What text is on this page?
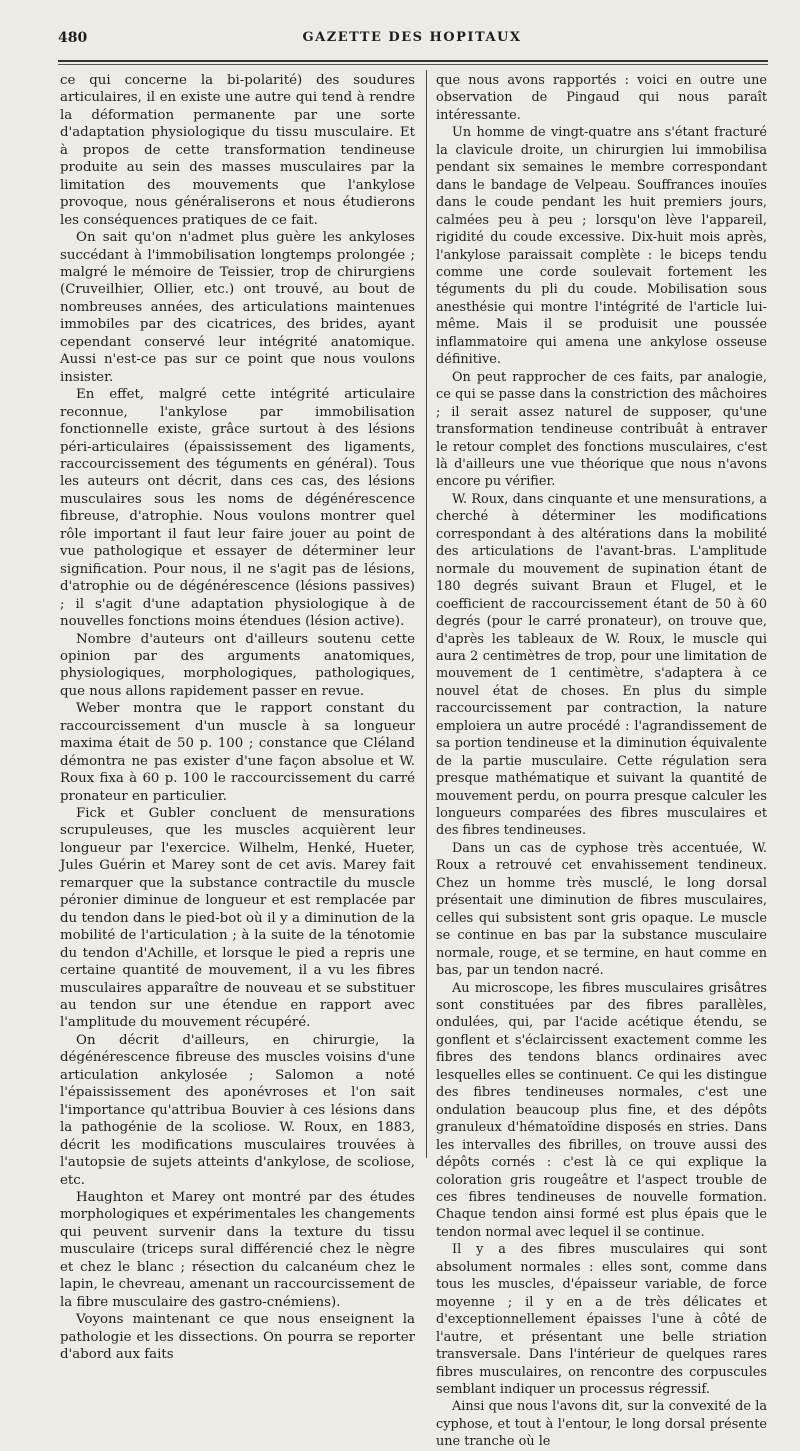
480	GAZETTE DES HOPITAUX

ce qui concerne la bi-polarité) des soudures articulaires, il en existe une autre qui tend à rendre la déformation permanente par une sorte d'adaptation physiologique du tissu musculaire. Et à propos de cette transformation tendineuse produite au sein des masses musculaires par la limitation des mouvements que l'ankylose provoque, nous généraliserons et nous étudierons les conséquences pratiques de ce fait.

On sait qu'on n'admet plus guère les ankyloses succédant à l'immobilisation longtemps prolongée ; malgré le mémoire de Teissier, trop de chirurgiens (Cruveilhier, Ollier, etc.) ont trouvé, au bout de nombreuses années, des articulations maintenues immobiles par des cicatrices, des brides, ayant cependant conservé leur intégrité anatomique. Aussi n'est-ce pas sur ce point que nous voulons insister.

En effet, malgré cette intégrité articulaire reconnue, l'ankylose par immobilisation fonctionnelle existe, grâce surtout à des lésions péri-articulaires (épaississement des ligaments, raccourcissement des téguments en général). Tous les auteurs ont décrit, dans ces cas, des lésions musculaires sous les noms de dégénérescence fibreuse, d'atrophie. Nous voulons montrer quel rôle important il faut leur faire jouer au point de vue pathologique et essayer de déterminer leur signification. Pour nous, il ne s'agit pas de lésions, d'atrophie ou de dégénérescence (lésions passives) ; il s'agit d'une adaptation physiologique à de nouvelles fonctions moins étendues (lésion active).

Nombre d'auteurs ont d'ailleurs soutenu cette opinion par des arguments anatomiques, physiologiques, morphologiques, pathologiques, que nous allons rapidement passer en revue.

Weber montra que le rapport constant du raccourcissement d'un muscle à sa longueur maxima était de 50 p. 100 ; constance que Cléland démontra ne pas exister d'une façon absolue et W. Roux fixa à 60 p. 100 le raccourcissement du carré pronateur en particulier.

Fick et Gubler concluent de mensurations scrupuleuses, que les muscles acquièrent leur longueur par l'exercice. Wilhelm, Henké, Hueter, Jules Guérin et Marey sont de cet avis. Marey fait remarquer que la substance contractile du muscle péronier diminue de longueur et est remplacée par du tendon dans le pied-bot où il y a diminution de la mobilité de l'articulation ; à la suite de la ténotomie du tendon d'Achille, et lorsque le pied a repris une certaine quantité de mouvement, il a vu les fibres musculaires apparaître de nouveau et se substituer au tendon sur une étendue en rapport avec l'amplitude du mouvement récupéré.

On décrit d'ailleurs, en chirurgie, la dégénérescence fibreuse des muscles voisins d'une articulation ankylosée ; Salomon a noté l'épaississement des aponévroses et l'on sait l'importance qu'attribua Bouvier à ces lésions dans la pathogénie de la scoliose. W. Roux, en 1883, décrit les modifications musculaires trouvées à l'autopsie de sujets atteints d'ankylose, de scoliose, etc.

Haughton et Marey ont montré par des études morphologiques et expérimentales les changements qui peuvent survenir dans la texture du tissu musculaire (triceps sural différencié chez le nègre et chez le blanc ; résection du calcanéum chez le lapin, le chevreau, amenant un raccourcissement de la fibre musculaire des gastro-cnémiens).

Voyons maintenant ce que nous enseignent la pathologie et les dissections. On pourra se reporter d'abord aux faits

que nous avons rapportés : voici en outre une observation de Pingaud qui nous paraît intéressante.

Un homme de vingt-quatre ans s'étant fracturé la clavicule droite, un chirurgien lui immobilisa pendant six semaines le membre correspondant dans le bandage de Velpeau. Souffrances inouïes dans le coude pendant les huit premiers jours, calmées peu à peu ; lorsqu'on lève l'appareil, rigidité du coude excessive. Dix-huit mois après, l'ankylose paraissait complète : le biceps tendu comme une corde soulevait fortement les téguments du pli du coude. Mobilisation sous anesthésie qui montre l'intégrité de l'article lui-même. Mais il se produisit une poussée inflammatoire qui amena une ankylose osseuse définitive.

On peut rapprocher de ces faits, par analogie, ce qui se passe dans la constriction des mâchoires ; il serait assez naturel de supposer, qu'une transformation tendineuse contribuât à entraver le retour complet des fonctions musculaires, c'est là d'ailleurs une vue théorique que nous n'avons encore pu vérifier.

W. Roux, dans cinquante et une mensurations, a cherché à déterminer les modifications correspondant à des altérations dans la mobilité des articulations de l'avant-bras. L'amplitude normale du mouvement de supination étant de 180 degrés suivant Braun et Flugel, et le coefficient de raccourcissement étant de 50 à 60 degrés (pour le carré pronateur), on trouve que, d'après les tableaux de W. Roux, le muscle qui aura 2 centimètres de trop, pour une limitation de mouvement de 1 centimètre, s'adaptera à ce nouvel état de choses. En plus du simple raccourcissement par contraction, la nature emploiera un autre procédé : l'agrandissement de sa portion tendineuse et la diminution équivalente de la partie musculaire. Cette régulation sera presque mathématique et suivant la quantité de mouvement perdu, on pourra presque calculer les longueurs comparées des fibres musculaires et des fibres tendineuses.

Dans un cas de cyphose très accentuée, W. Roux a retrouvé cet envahissement tendineux. Chez un homme très musclé, le long dorsal présentait une diminution de fibres musculaires, celles qui subsistent sont gris opaque. Le muscle se continue en bas par la substance musculaire normale, rouge, et se termine, en haut comme en bas, par un tendon nacré.

Au microscope, les fibres musculaires grisâtres sont constituées par des fibres parallèles, ondulées, qui, par l'acide acétique étendu, se gonflent et s'éclaircissent exactement comme les fibres des tendons blancs ordinaires avec lesquelles elles se continuent. Ce qui les distingue des fibres tendineuses normales, c'est une ondulation beaucoup plus fine, et des dépôts granuleux d'hématoïdine disposés en stries. Dans les intervalles des fibrilles, on trouve aussi des dépôts cornés : c'est là ce qui explique la coloration gris rougeâtre et l'aspect trouble de ces fibres tendineuses de nouvelle formation. Chaque tendon ainsi formé est plus épais que le tendon normal avec lequel il se continue.

Il y a des fibres musculaires qui sont absolument normales : elles sont, comme dans tous les muscles, d'épaisseur variable, de force moyenne ; il y en a de très délicates et d'exceptionnellement épaisses l'une à côté de l'autre, et présentant une belle striation transversale. Dans l'intérieur de quelques rares fibres musculaires, on rencontre des corpuscules semblant indiquer un processus régressif.

Ainsi que nous l'avons dit, sur la convexité de la cyphose, et tout à l'entour, le long dorsal présente une tranche où le
